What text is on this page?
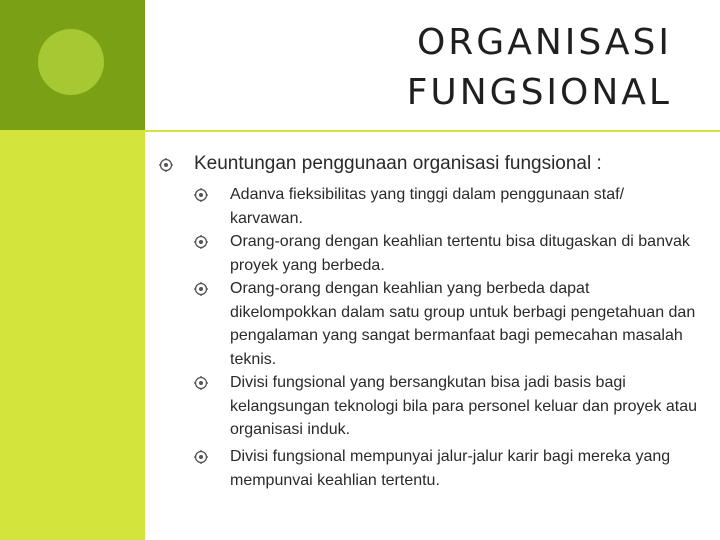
ORGANISASI
FUNGSIONAL
Keuntungan penggunaan organisasi fungsional :
Adanva fieksibilitas yang tinggi dalam penggunaan staf/ karvawan.
Orang-orang dengan keahlian tertentu bisa ditugaskan di banvak proyek yang berbeda.
Orang-orang dengan keahlian yang berbeda dapat dikelompokkan dalam satu group untuk berbagi pengetahuan dan pengalaman yang sangat bermanfaat bagi pemecahan masalah teknis.
Divisi fungsional yang bersangkutan bisa jadi basis bagi kelangsungan teknologi bila para personel keluar dan proyek atau organisasi induk.
Divisi fungsional mempunyai jalur-jalur karir bagi mereka yang mempunvai keahlian tertentu.
